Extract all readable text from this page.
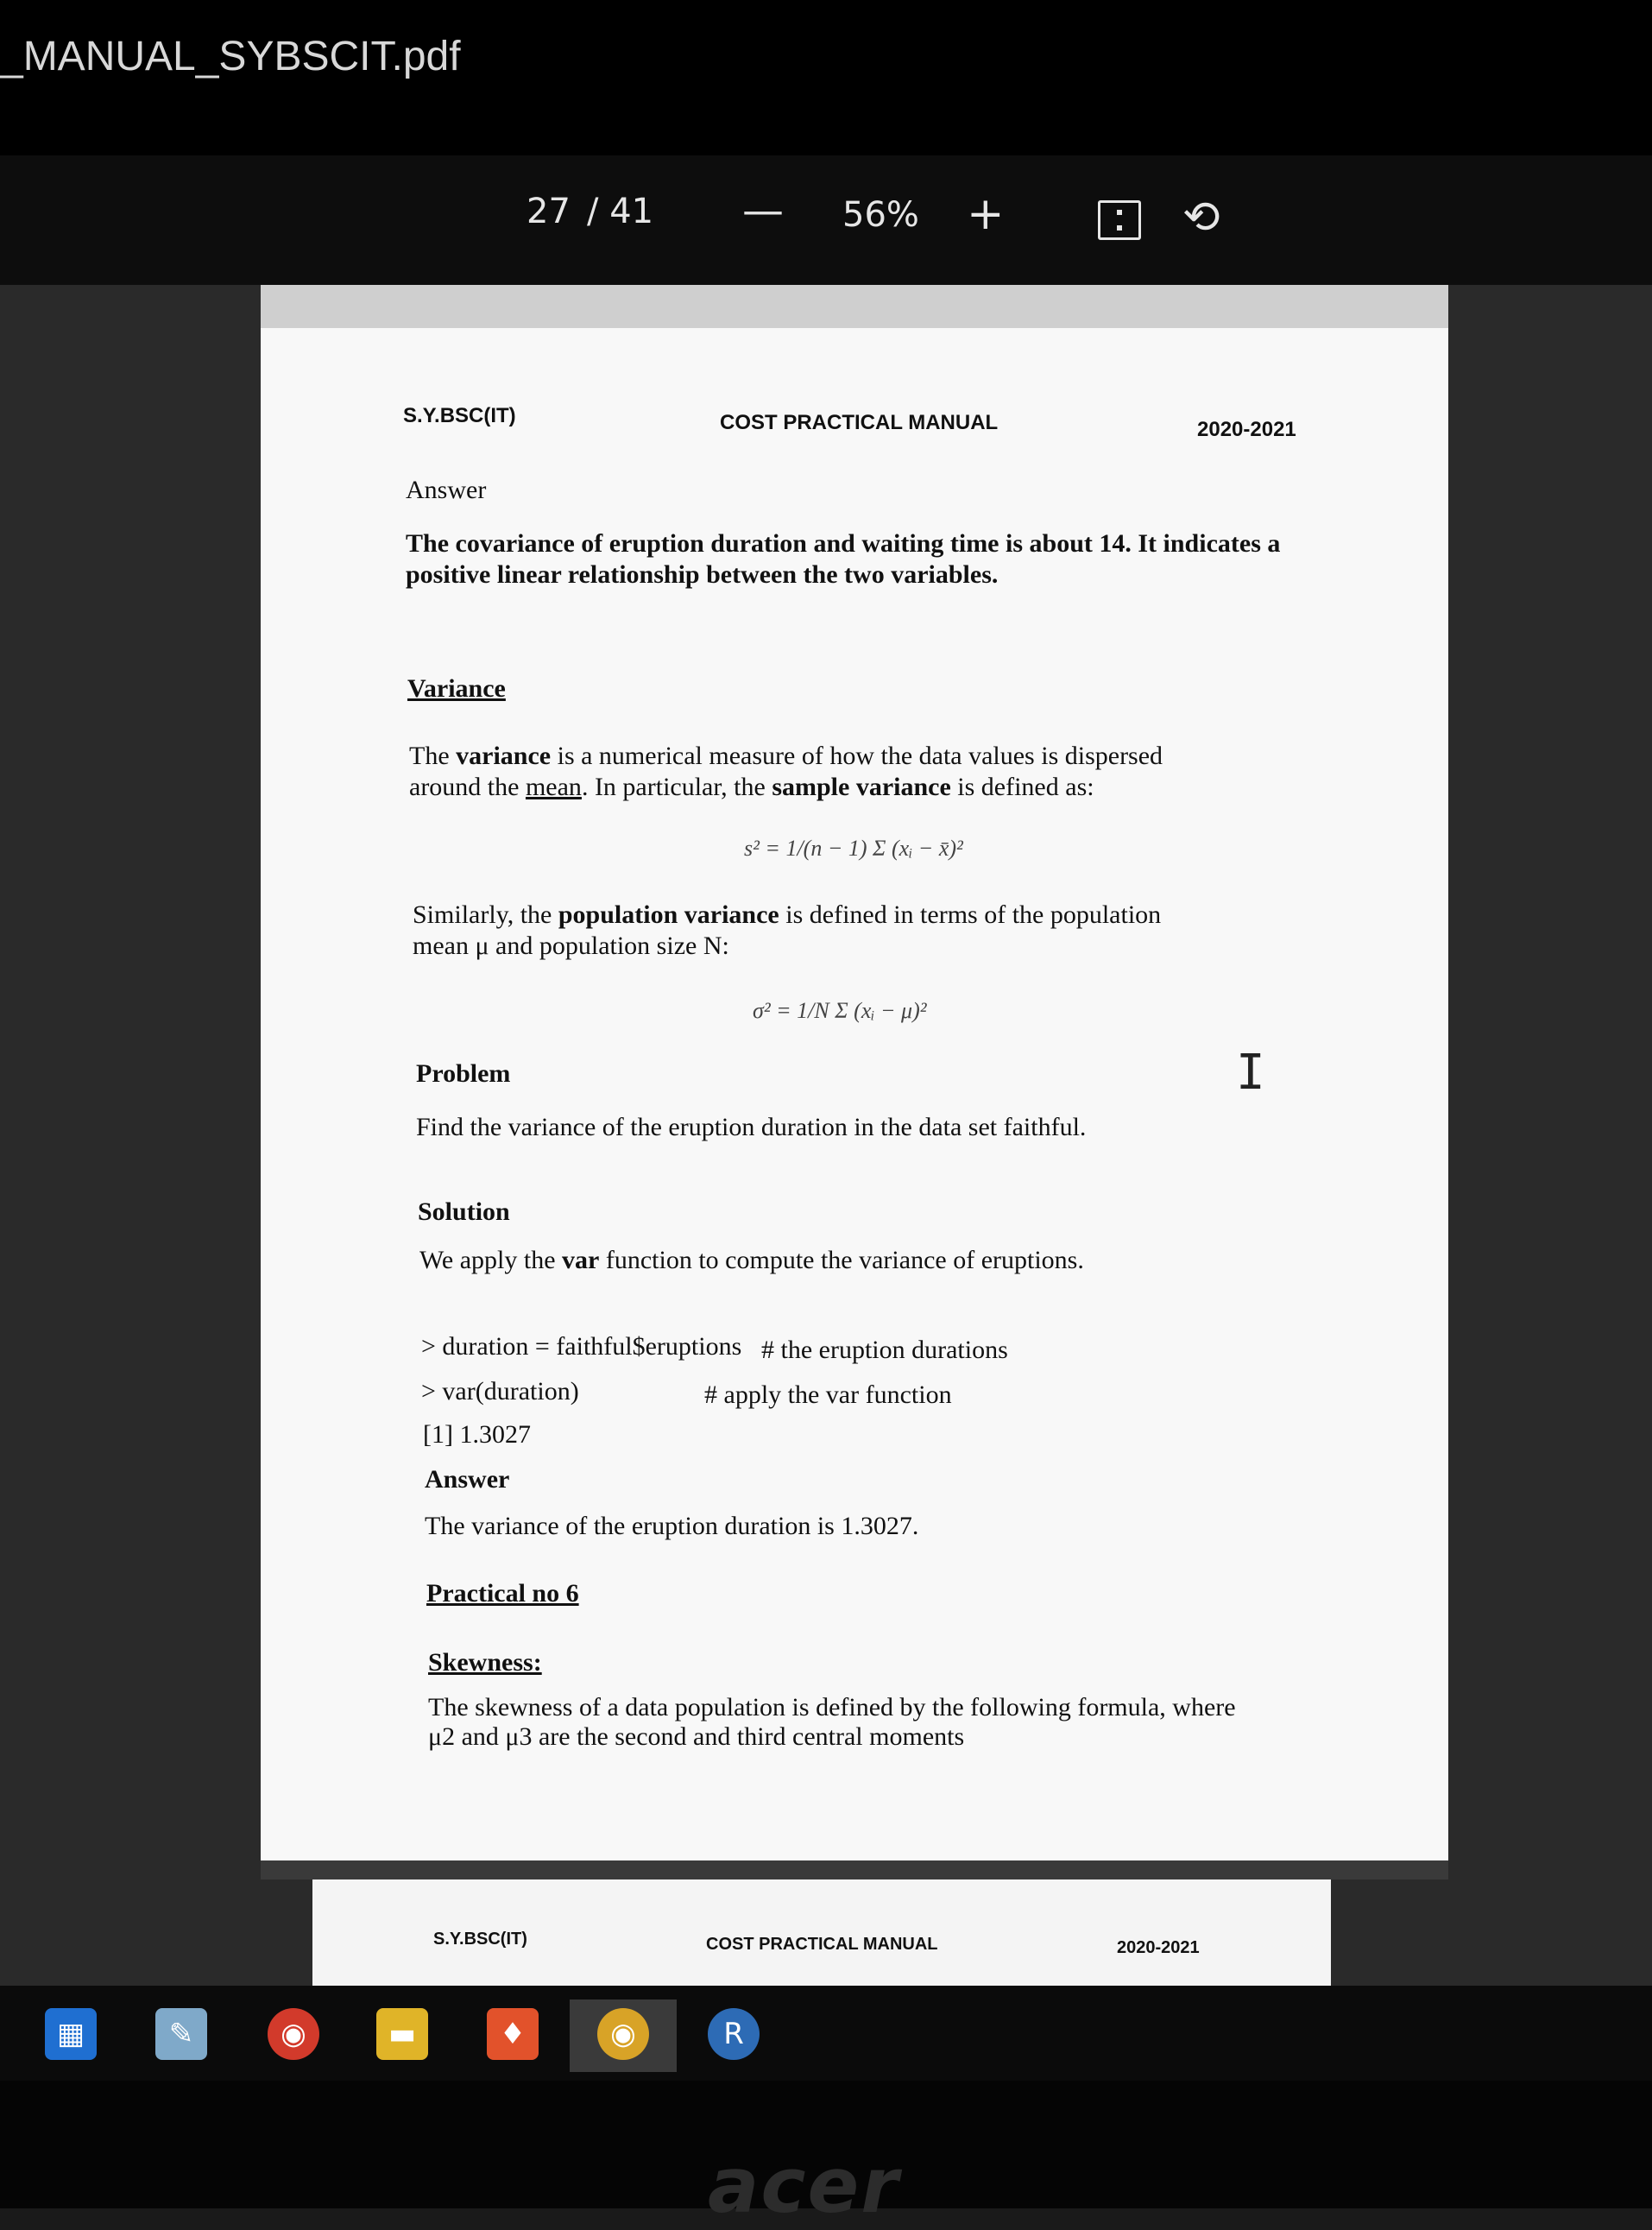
_MANUAL_SYBSCIT.pdf
27 / 41 — 56% +	⟲
S.Y.BSC(IT)	COST PRACTICAL MANUAL	2020-2021
Answer
The covariance of eruption duration and waiting time is about 14. It indicates a
positive linear relationship between the two variables.
Variance
The variance is a numerical measure of how the data values is dispersed
around the mean. In particular, the sample variance is defined as:
s² = 1/(n − 1) Σ (xᵢ − x̄)²
Similarly, the population variance is defined in terms of the population
mean μ and population size N:
σ² = 1/N Σ (xᵢ − μ)²
Problem
Find the variance of the eruption duration in the data set faithful.
Solution
We apply the var function to compute the variance of eruptions.
> duration = faithful$eruptions # the eruption durations
> var(duration)	# apply the var function
[1] 1.3027
Answer
The variance of the eruption duration is 1.3027.
Practical no 6
Skewness:
The skewness of a data population is defined by the following formula, where
μ2 and μ3 are the second and third central moments
I
S.Y.BSC(IT)	COST PRACTICAL MANUAL	2020-2021
▦	✎	◉	▬	♦	◉	R
acer
